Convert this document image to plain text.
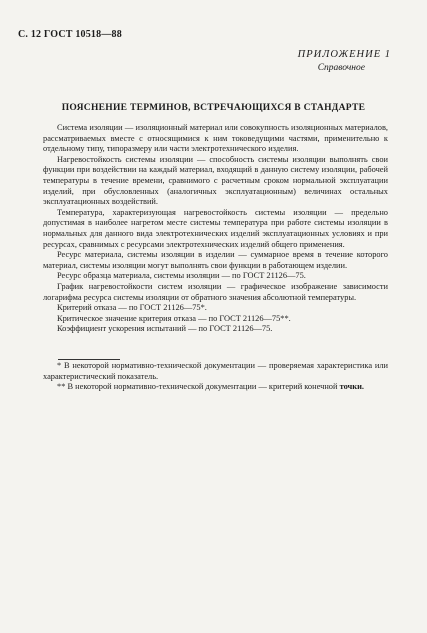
С. 12 ГОСТ 10518—88
ПРИЛОЖЕНИЕ 1
Справочное
ПОЯСНЕНИЕ ТЕРМИНОВ, ВСТРЕЧАЮЩИХСЯ В СТАНДАРТЕ

Система изоляции — изоляционный материал или совокупность изоляционных материалов, рассматриваемых вместе с относящимися к ним токоведущими частями, применительно к отдельному типу, типоразмеру или части электротехнического изделия.

Нагревостойкость системы изоляции — способность системы изоляции выполнять свои функции при воздействии на каждый материал, входящий в данную систему изоляции, рабочей температуры в течение времени, сравнимого с расчетным сроком нормальной эксплуатации изделий, при обусловленных (аналогичных эксплуатационным) величинах остальных эксплуатационных воздействий.

Температура, характеризующая нагревостойкость системы изоляции — предельно допустимая в наиболее нагретом месте системы температура при работе системы изоляции в нормальных для данного вида электротехнических изделий эксплуатационных условиях и при ресурсах, сравнимых с ресурсами электротехнических изделий общего применения.

Ресурс материала, системы изоляции в изделии — суммарное время в течение которого материал, системы изоляции могут выполнять свои функции в работающем изделии.

Ресурс образца материала, системы изоляции — по ГОСТ 21126—75.

График нагревостойкости систем изоляции — графическое изображение зависимости логарифма ресурса системы изоляции от обратного значения абсолютной температуры.

Критерий отказа — по ГОСТ 21126—75*.

Критическое значение критерия отказа — по ГОСТ 21126—75**.

Коэффициент ускорения испытаний — по ГОСТ 21126—75.

* В некоторой нормативно-технической документации — проверяемая характеристика или характеристический показатель.

** В некоторой нормативно-технической документации — критерий конечной точки.
